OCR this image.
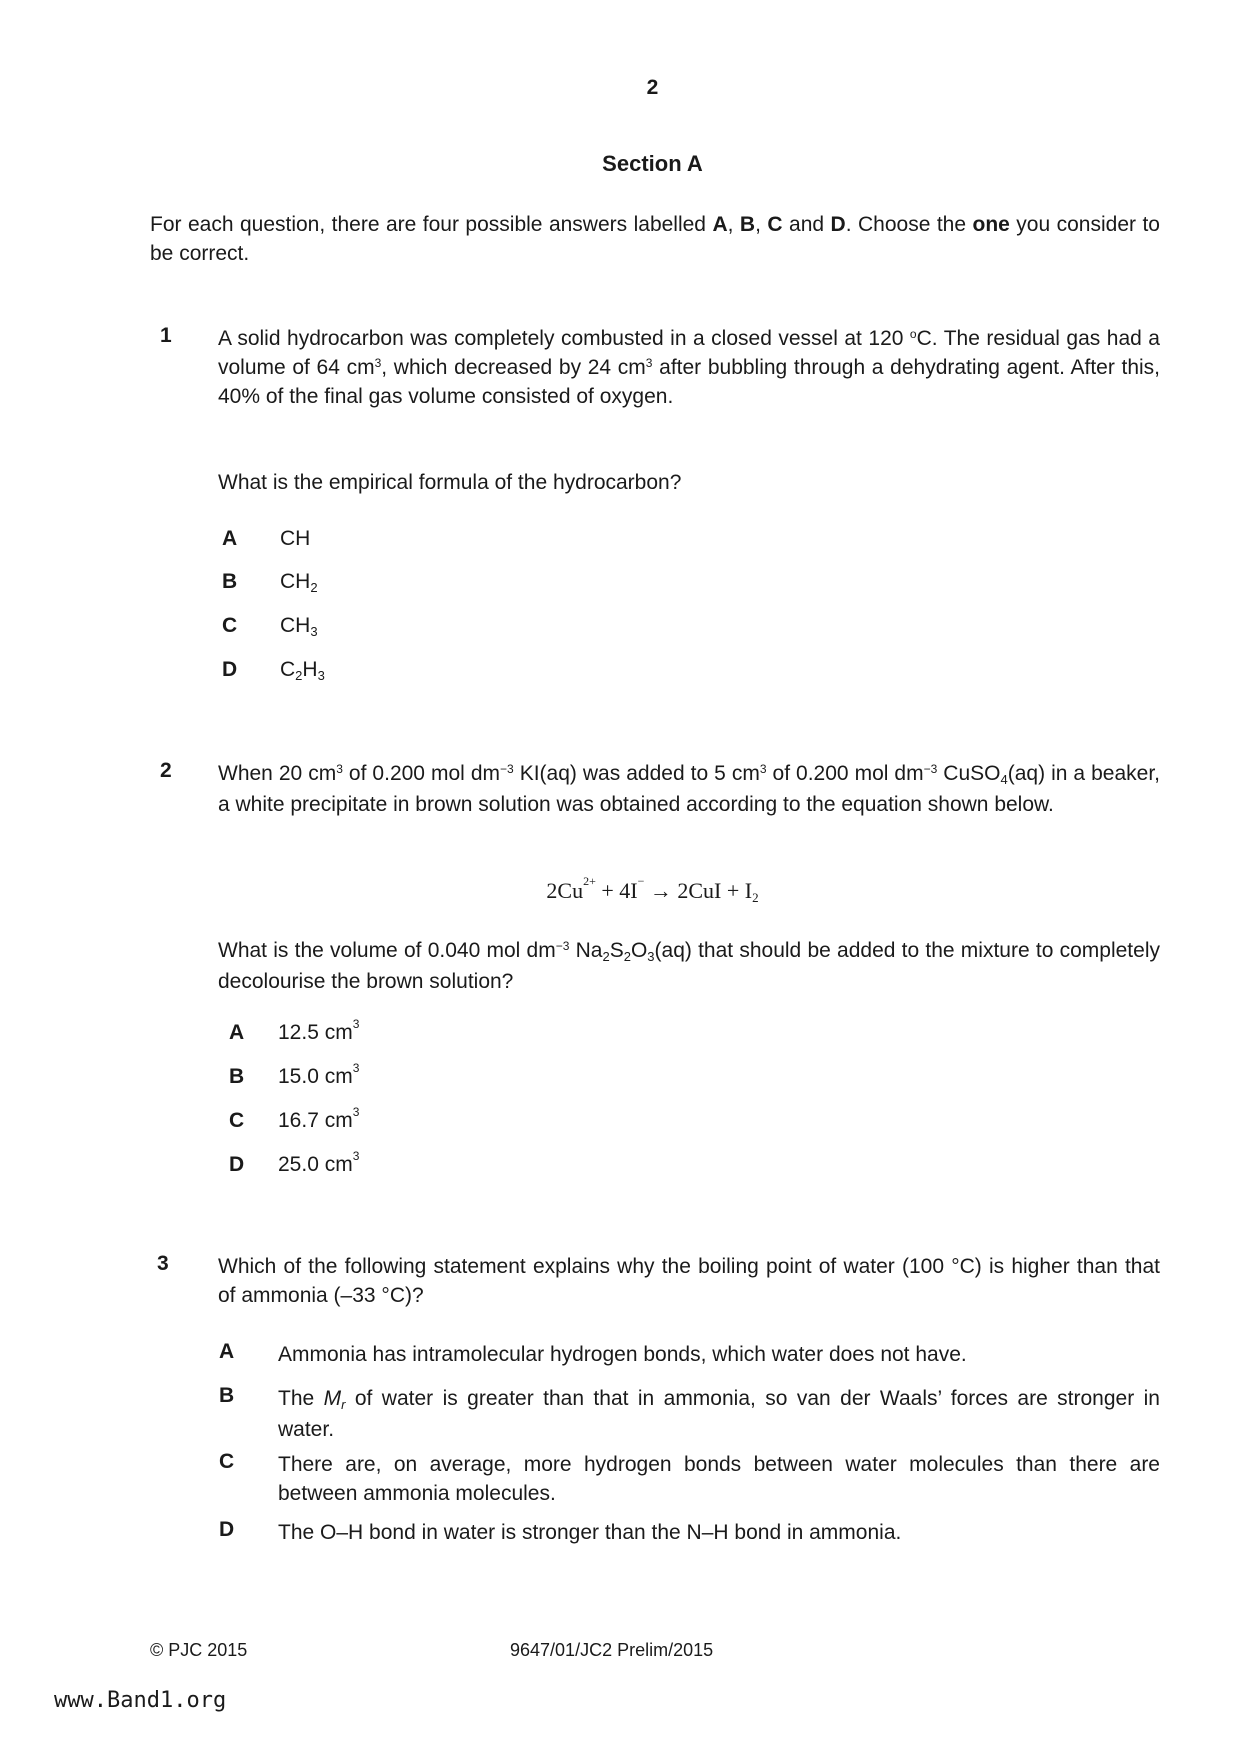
2
Section A
For each question, there are four possible answers labelled A, B, C and D. Choose the one you consider to be correct.
1 A solid hydrocarbon was completely combusted in a closed vessel at 120 $^o$C. The residual gas had a volume of 64 $cm^3$, which decreased by 24 $cm^3$ after bubbling through a dehydrating agent. After this, 40% of the final gas volume consisted of oxygen.
What is the empirical formula of the hydrocarbon?
A CH
B $CH_2$
C $CH_3$
D $C_2H_3$
2 When 20 $cm^3$ of 0.200 mol $dm^{-3}$ KI(aq) was added to 5 $cm^3$ of 0.200 mol $dm^{-3}$ CuSO$_4$(aq) in a beaker, a white precipitate in brown solution was obtained according to the equation shown below.
$2Cu^{2+} + 4I^- \to 2CuI + I_2$
What is the volume of 0.040 mol $dm^{-3}$ $Na_2S_2O_3(aq)$ that should be added to the mixture to completely decolourise the brown solution?
A 12.5 $cm^3$
B 15.0 $cm^3$
C 16.7 $cm^3$
D 25.0 $cm^3$
3 Which of the following statement explains why the boiling point of water (100 °C) is higher than that of ammonia (–33 °C)?
A Ammonia has intramolecular hydrogen bonds, which water does not have.
B The $M_r$ of water is greater than that in ammonia, so van der Waals’ forces are stronger in water.
C There are, on average, more hydrogen bonds between water molecules than there are between ammonia molecules.
D The O–H bond in water is stronger than the N–H bond in ammonia.
© PJC 2015	9647/01/JC2 Prelim/2015
www.Band1.org
